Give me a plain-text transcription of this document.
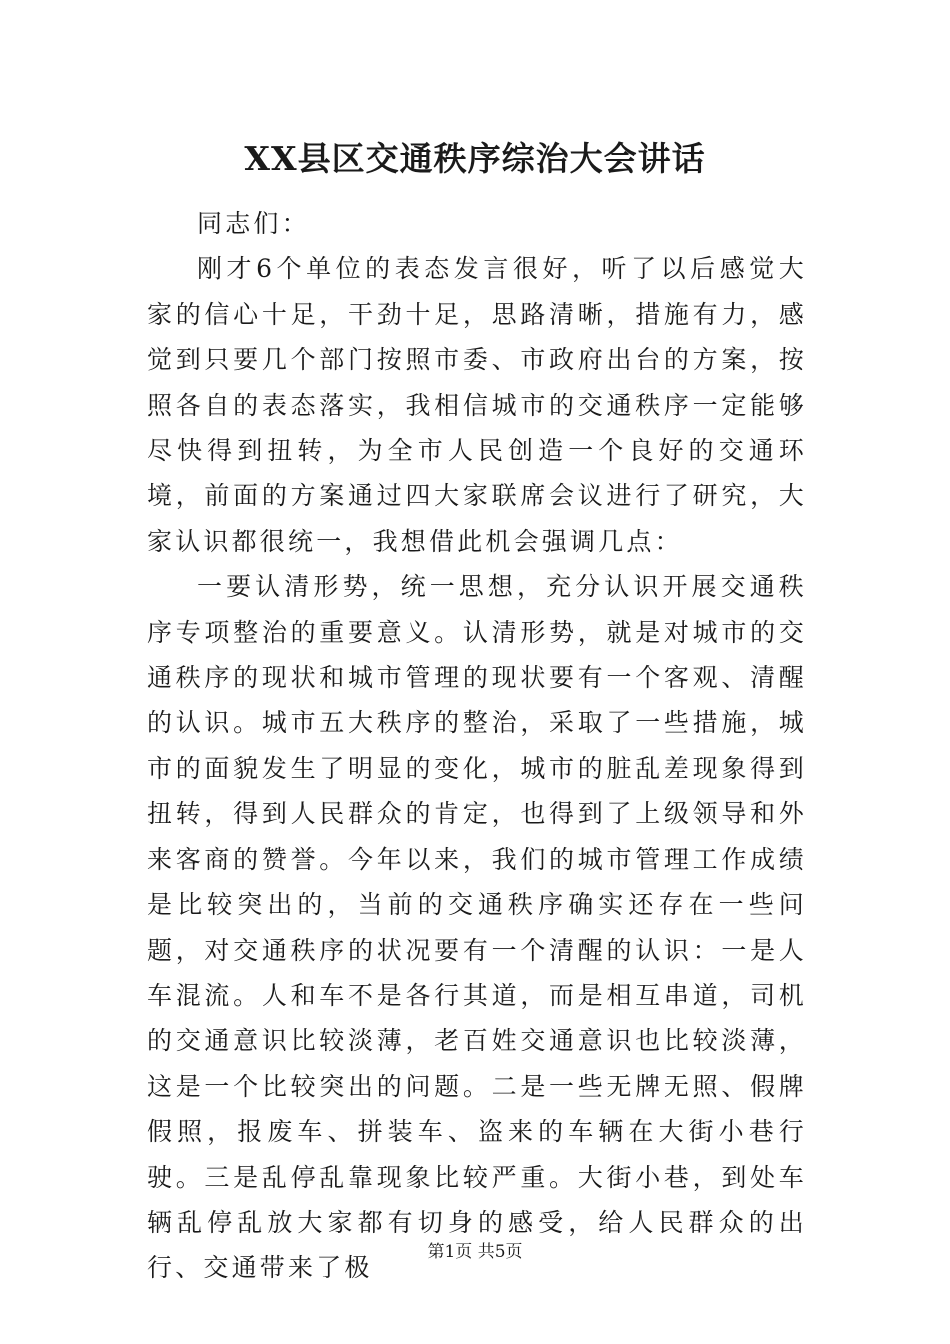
XX县区交通秩序综治大会讲话

同志们：

刚才6个单位的表态发言很好，听了以后感觉大家的信心十足，干劲十足，思路清晰，措施有力，感觉到只要几个部门按照市委、市政府出台的方案，按照各自的表态落实，我相信城市的交通秩序一定能够尽快得到扭转，为全市人民创造一个良好的交通环境，前面的方案通过四大家联席会议进行了研究，大家认识都很统一，我想借此机会强调几点：

一要认清形势，统一思想，充分认识开展交通秩序专项整治的重要意义。认清形势，就是对城市的交通秩序的现状和城市管理的现状要有一个客观、清醒的认识。城市五大秩序的整治，采取了一些措施，城市的面貌发生了明显的变化，城市的脏乱差现象得到扭转，得到人民群众的肯定，也得到了上级领导和外来客商的赞誉。今年以来，我们的城市管理工作成绩是比较突出的，当前的交通秩序确实还存在一些问题，对交通秩序的状况要有一个清醒的认识：一是人车混流。人和车不是各行其道，而是相互串道，司机的交通意识比较淡薄，老百姓交通意识也比较淡薄，这是一个比较突出的问题。二是一些无牌无照、假牌假照，报废车、拼装车、盗来的车辆在大街小巷行驶。三是乱停乱靠现象比较严重。大街小巷，到处车辆乱停乱放大家都有切身的感受，给人民群众的出行、交通带来了极

第1页 共5页
